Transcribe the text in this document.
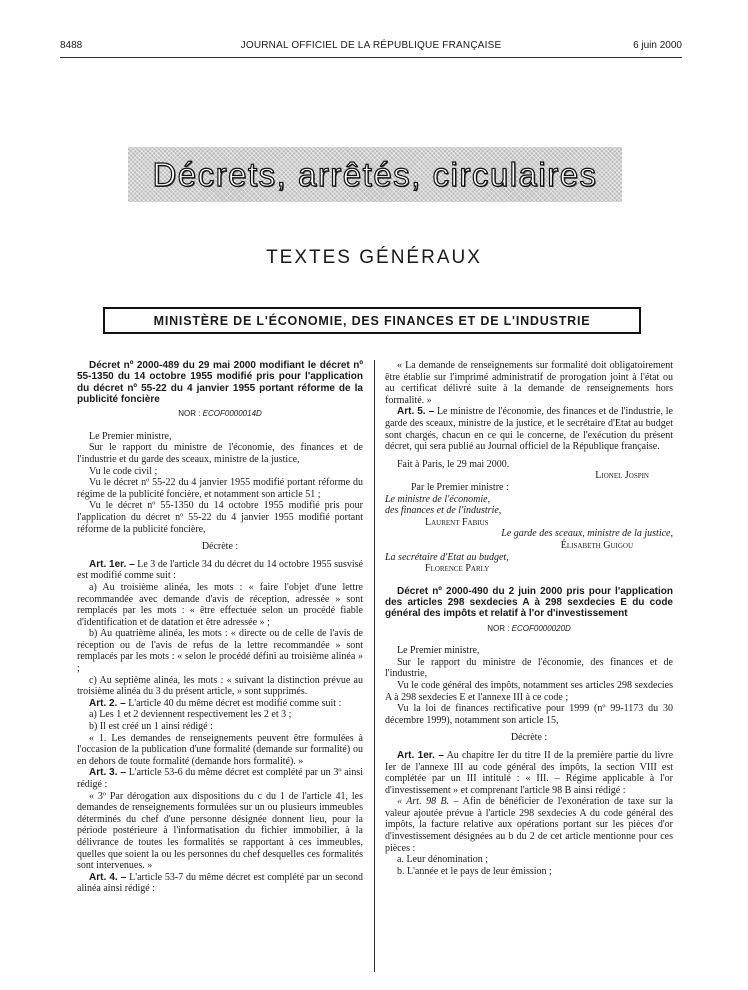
8488	JOURNAL OFFICIEL DE LA RÉPUBLIQUE FRANÇAISE	6 juin 2000
Décrets, arrêtés, circulaires
TEXTES GÉNÉRAUX
MINISTÈRE DE L'ÉCONOMIE, DES FINANCES ET DE L'INDUSTRIE

Décret nº 2000-489 du 29 mai 2000 modifiant le décret nº 55-1350 du 14 octobre 1955 modifié pris pour l'application du décret nº 55-22 du 4 janvier 1955 portant réforme de la publicité foncière

NOR : ECOF0000014D

Le Premier ministre,

Sur le rapport du ministre de l'économie, des finances et de l'industrie et du garde des sceaux, ministre de la justice,

Vu le code civil ;

Vu le décret nº 55-22 du 4 janvier 1955 modifié portant réforme du régime de la publicité foncière, et notamment son article 51 ;

Vu le décret nº 55-1350 du 14 octobre 1955 modifié pris pour l'application du décret nº 55-22 du 4 janvier 1955 modifié portant réforme de la publicité foncière,

Décrète :

Art. 1er. – Le 3 de l'article 34 du décret du 14 octobre 1955 susvisé est modifié comme suit :

a) Au troisième alinéa, les mots : « faire l'objet d'une lettre recommandée avec demande d'avis de réception, adressée » sont remplacés par les mots : « être effectuée selon un procédé fiable d'identification et de datation et être adressée » ;

b) Au quatrième alinéa, les mots : « directe ou de celle de l'avis de réception ou de l'avis de refus de la lettre recommandée » sont remplacés par les mots : « selon le procédé défini au troisième alinéa » ;

c) Au septième alinéa, les mots : « suivant la distinction prévue au troisième alinéa du 3 du présent article, » sont supprimés.

Art. 2. – L'article 40 du même décret est modifié comme suit :

a) Les 1 et 2 deviennent respectivement les 2 et 3 ;

b) Il est créé un 1 ainsi rédigé :

« 1. Les demandes de renseignements peuvent être formulées à l'occasion de la publication d'une formalité (demande sur formalité) ou en dehors de toute formalité (demande hors formalité). »

Art. 3. – L'article 53-6 du même décret est complété par un 3º ainsi rédigé :

« 3º Par dérogation aux dispositions du c du 1 de l'article 41, les demandes de renseignements formulées sur un ou plusieurs immeubles déterminés du chef d'une personne désignée donnent lieu, pour la période postérieure à l'informatisation du fichier immobilier, à la délivrance de toutes les formalités se rapportant à ces immeubles, quelles que soient la ou les personnes du chef desquelles ces formalités sont intervenues. »

Art. 4. – L'article 53-7 du même décret est complété par un second alinéa ainsi rédigé :

« La demande de renseignements sur formalité doit obligatoirement être établie sur l'imprimé administratif de prorogation joint à l'état ou au certificat délivré suite à la demande de renseignements hors formalité. »

Art. 5. – Le ministre de l'économie, des finances et de l'industrie, le garde des sceaux, ministre de la justice, et le secrétaire d'Etat au budget sont chargés, chacun en ce qui le concerne, de l'exécution du présent décret, qui sera publié au Journal officiel de la République française.

Fait à Paris, le 29 mai 2000.

Lionel Jospin

Par le Premier ministre :

Le ministre de l'économie,

des finances et de l'industrie,

Laurent Fabius

Le garde des sceaux, ministre de la justice,

Élisabeth Guigou

La secrétaire d'Etat au budget,

Florence Parly

Décret nº 2000-490 du 2 juin 2000 pris pour l'application des articles 298 sexdecies A à 298 sexdecies E du code général des impôts et relatif à l'or d'investissement

NOR : ECOF0000020D

Le Premier ministre,

Sur le rapport du ministre de l'économie, des finances et de l'industrie,

Vu le code général des impôts, notamment ses articles 298 sexdecies A à 298 sexdecies E et l'annexe III à ce code ;

Vu la loi de finances rectificative pour 1999 (nº 99-1173 du 30 décembre 1999), notamment son article 15,

Décrète :

Art. 1er. – Au chapitre Ier du titre II de la première partie du livre Ier de l'annexe III au code général des impôts, la section VIII est complétée par un III intitulé : « III. – Régime applicable à l'or d'investissement » et comprenant l'article 98 B ainsi rédigé :

« Art. 98 B. – Afin de bénéficier de l'exonération de taxe sur la valeur ajoutée prévue à l'article 298 sexdecies A du code général des impôts, la facture relative aux opérations portant sur les pièces d'or d'investissement désignées au b du 2 de cet article mentionne pour ces pièces :

a. Leur dénomination ;

b. L'année et le pays de leur émission ;
